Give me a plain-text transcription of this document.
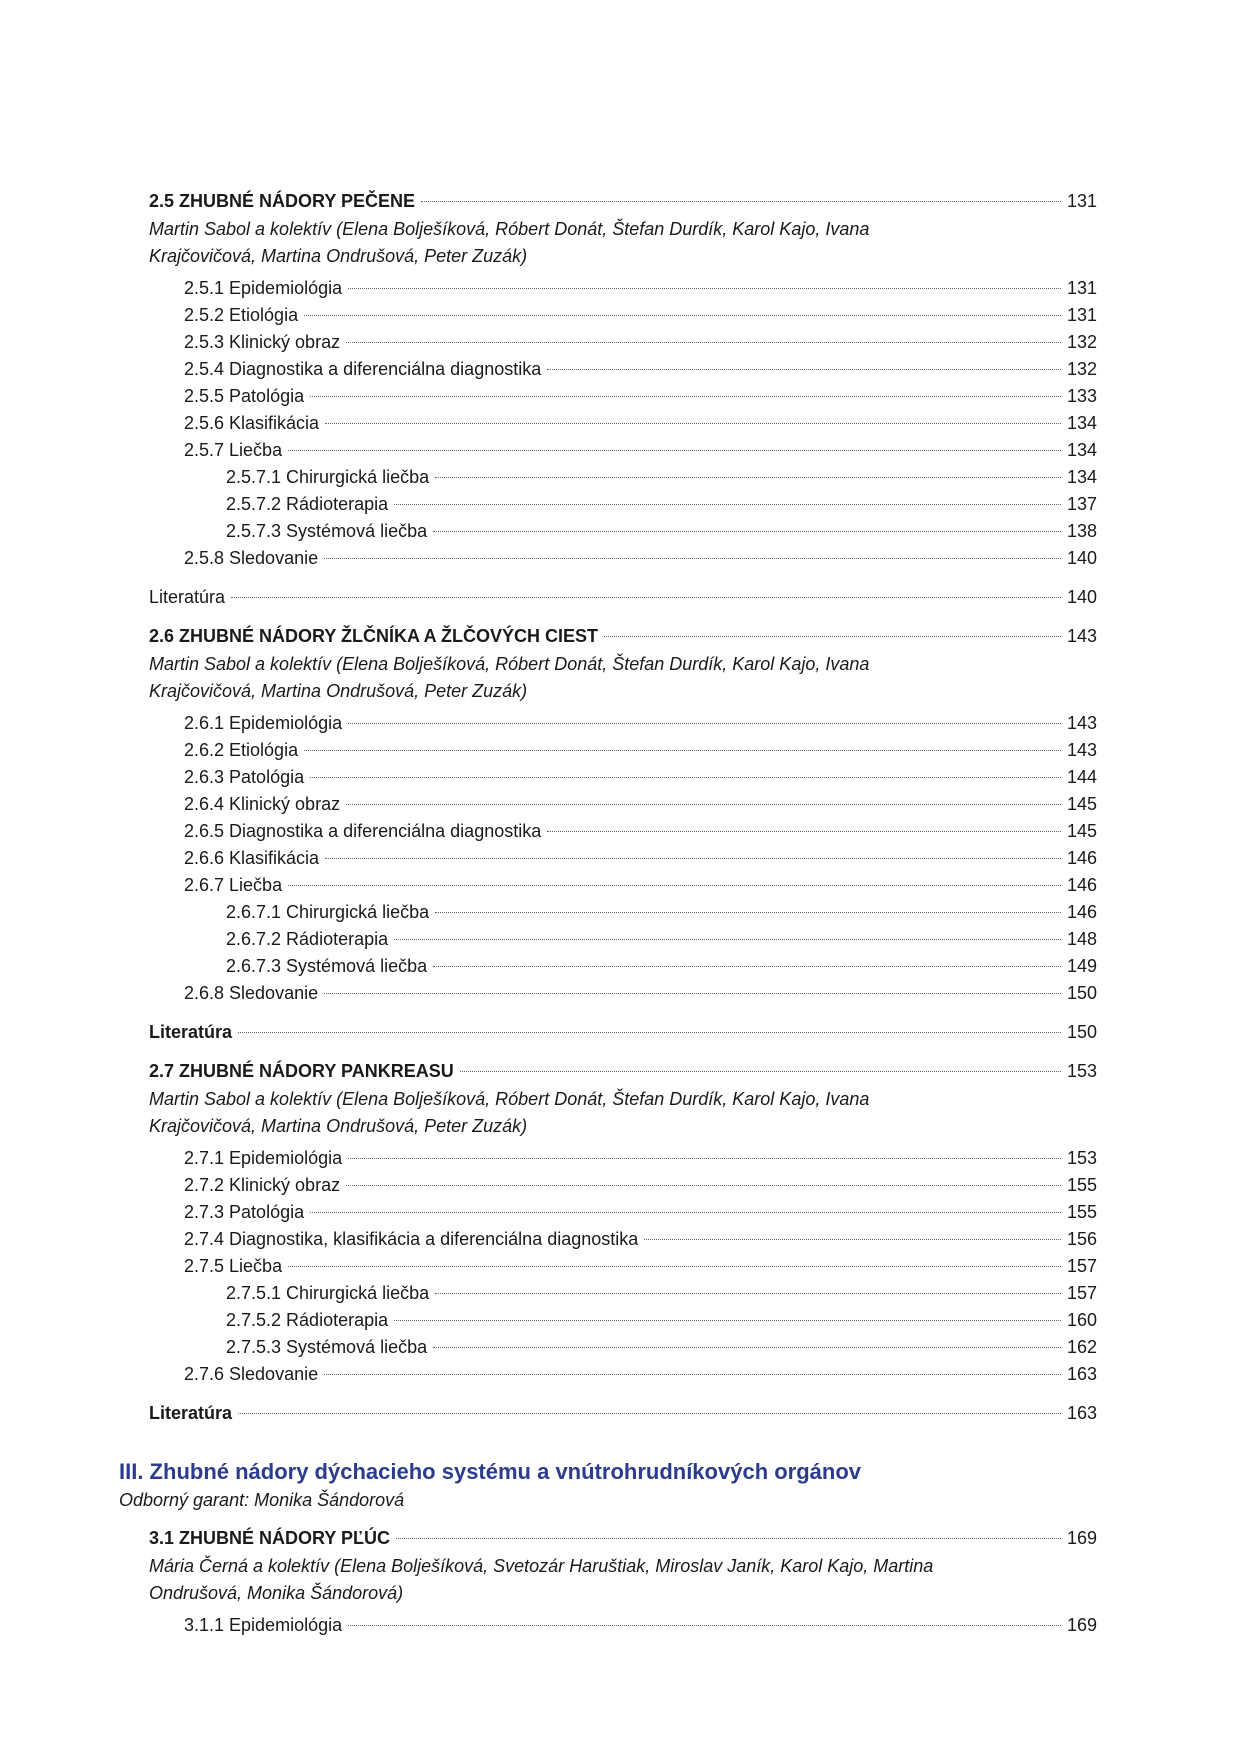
2.5 ZHUBNÉ NÁDORY PEČENE	131
Martin Sabol a kolektív (Elena Bolješíková, Róbert Donát, Štefan Durdík, Karol Kajo, Ivana Krajčovičová, Martina Ondrušová, Peter Zuzák)
2.5.1 Epidemiológia	131
2.5.2 Etiológia	131
2.5.3 Klinický obraz	132
2.5.4 Diagnostika a diferenciálna diagnostika	132
2.5.5 Patológia	133
2.5.6 Klasifikácia	134
2.5.7 Liečba	134
2.5.7.1 Chirurgická liečba	134
2.5.7.2 Rádioterapia	137
2.5.7.3 Systémová liečba	138
2.5.8 Sledovanie	140
Literatúra	140
2.6 ZHUBNÉ NÁDORY ŽLČNÍKA A ŽLČOVÝCH CIEST	143
Martin Sabol a kolektív (Elena Bolješíková, Róbert Donát, Štefan Durdík, Karol Kajo, Ivana Krajčovičová, Martina Ondrušová, Peter Zuzák)
2.6.1 Epidemiológia	143
2.6.2 Etiológia	143
2.6.3 Patológia	144
2.6.4 Klinický obraz	145
2.6.5 Diagnostika a diferenciálna diagnostika	145
2.6.6 Klasifikácia	146
2.6.7 Liečba	146
2.6.7.1 Chirurgická liečba	146
2.6.7.2 Rádioterapia	148
2.6.7.3 Systémová liečba	149
2.6.8 Sledovanie	150
Literatúra	150
2.7 ZHUBNÉ NÁDORY PANKREASU	153
Martin Sabol a kolektív (Elena Bolješíková, Róbert Donát, Štefan Durdík, Karol Kajo, Ivana Krajčovičová, Martina Ondrušová, Peter Zuzák)
2.7.1 Epidemiológia	153
2.7.2 Klinický obraz	155
2.7.3 Patológia	155
2.7.4 Diagnostika, klasifikácia a diferenciálna diagnostika	156
2.7.5 Liečba	157
2.7.5.1 Chirurgická liečba	157
2.7.5.2 Rádioterapia	160
2.7.5.3 Systémová liečba	162
2.7.6 Sledovanie	163
Literatúra	163
III. Zhubné nádory dýchacieho systému a vnútrohrudníkových orgánov
Odborný garant: Monika Šándorová
3.1 ZHUBNÉ NÁDORY PĽÚC	169
Mária Černá a kolektív (Elena Bolješíková, Svetozár Haruštiak, Miroslav Janík, Karol Kajo, Martina Ondrušová, Monika Šándorová)
3.1.1 Epidemiológia	169
